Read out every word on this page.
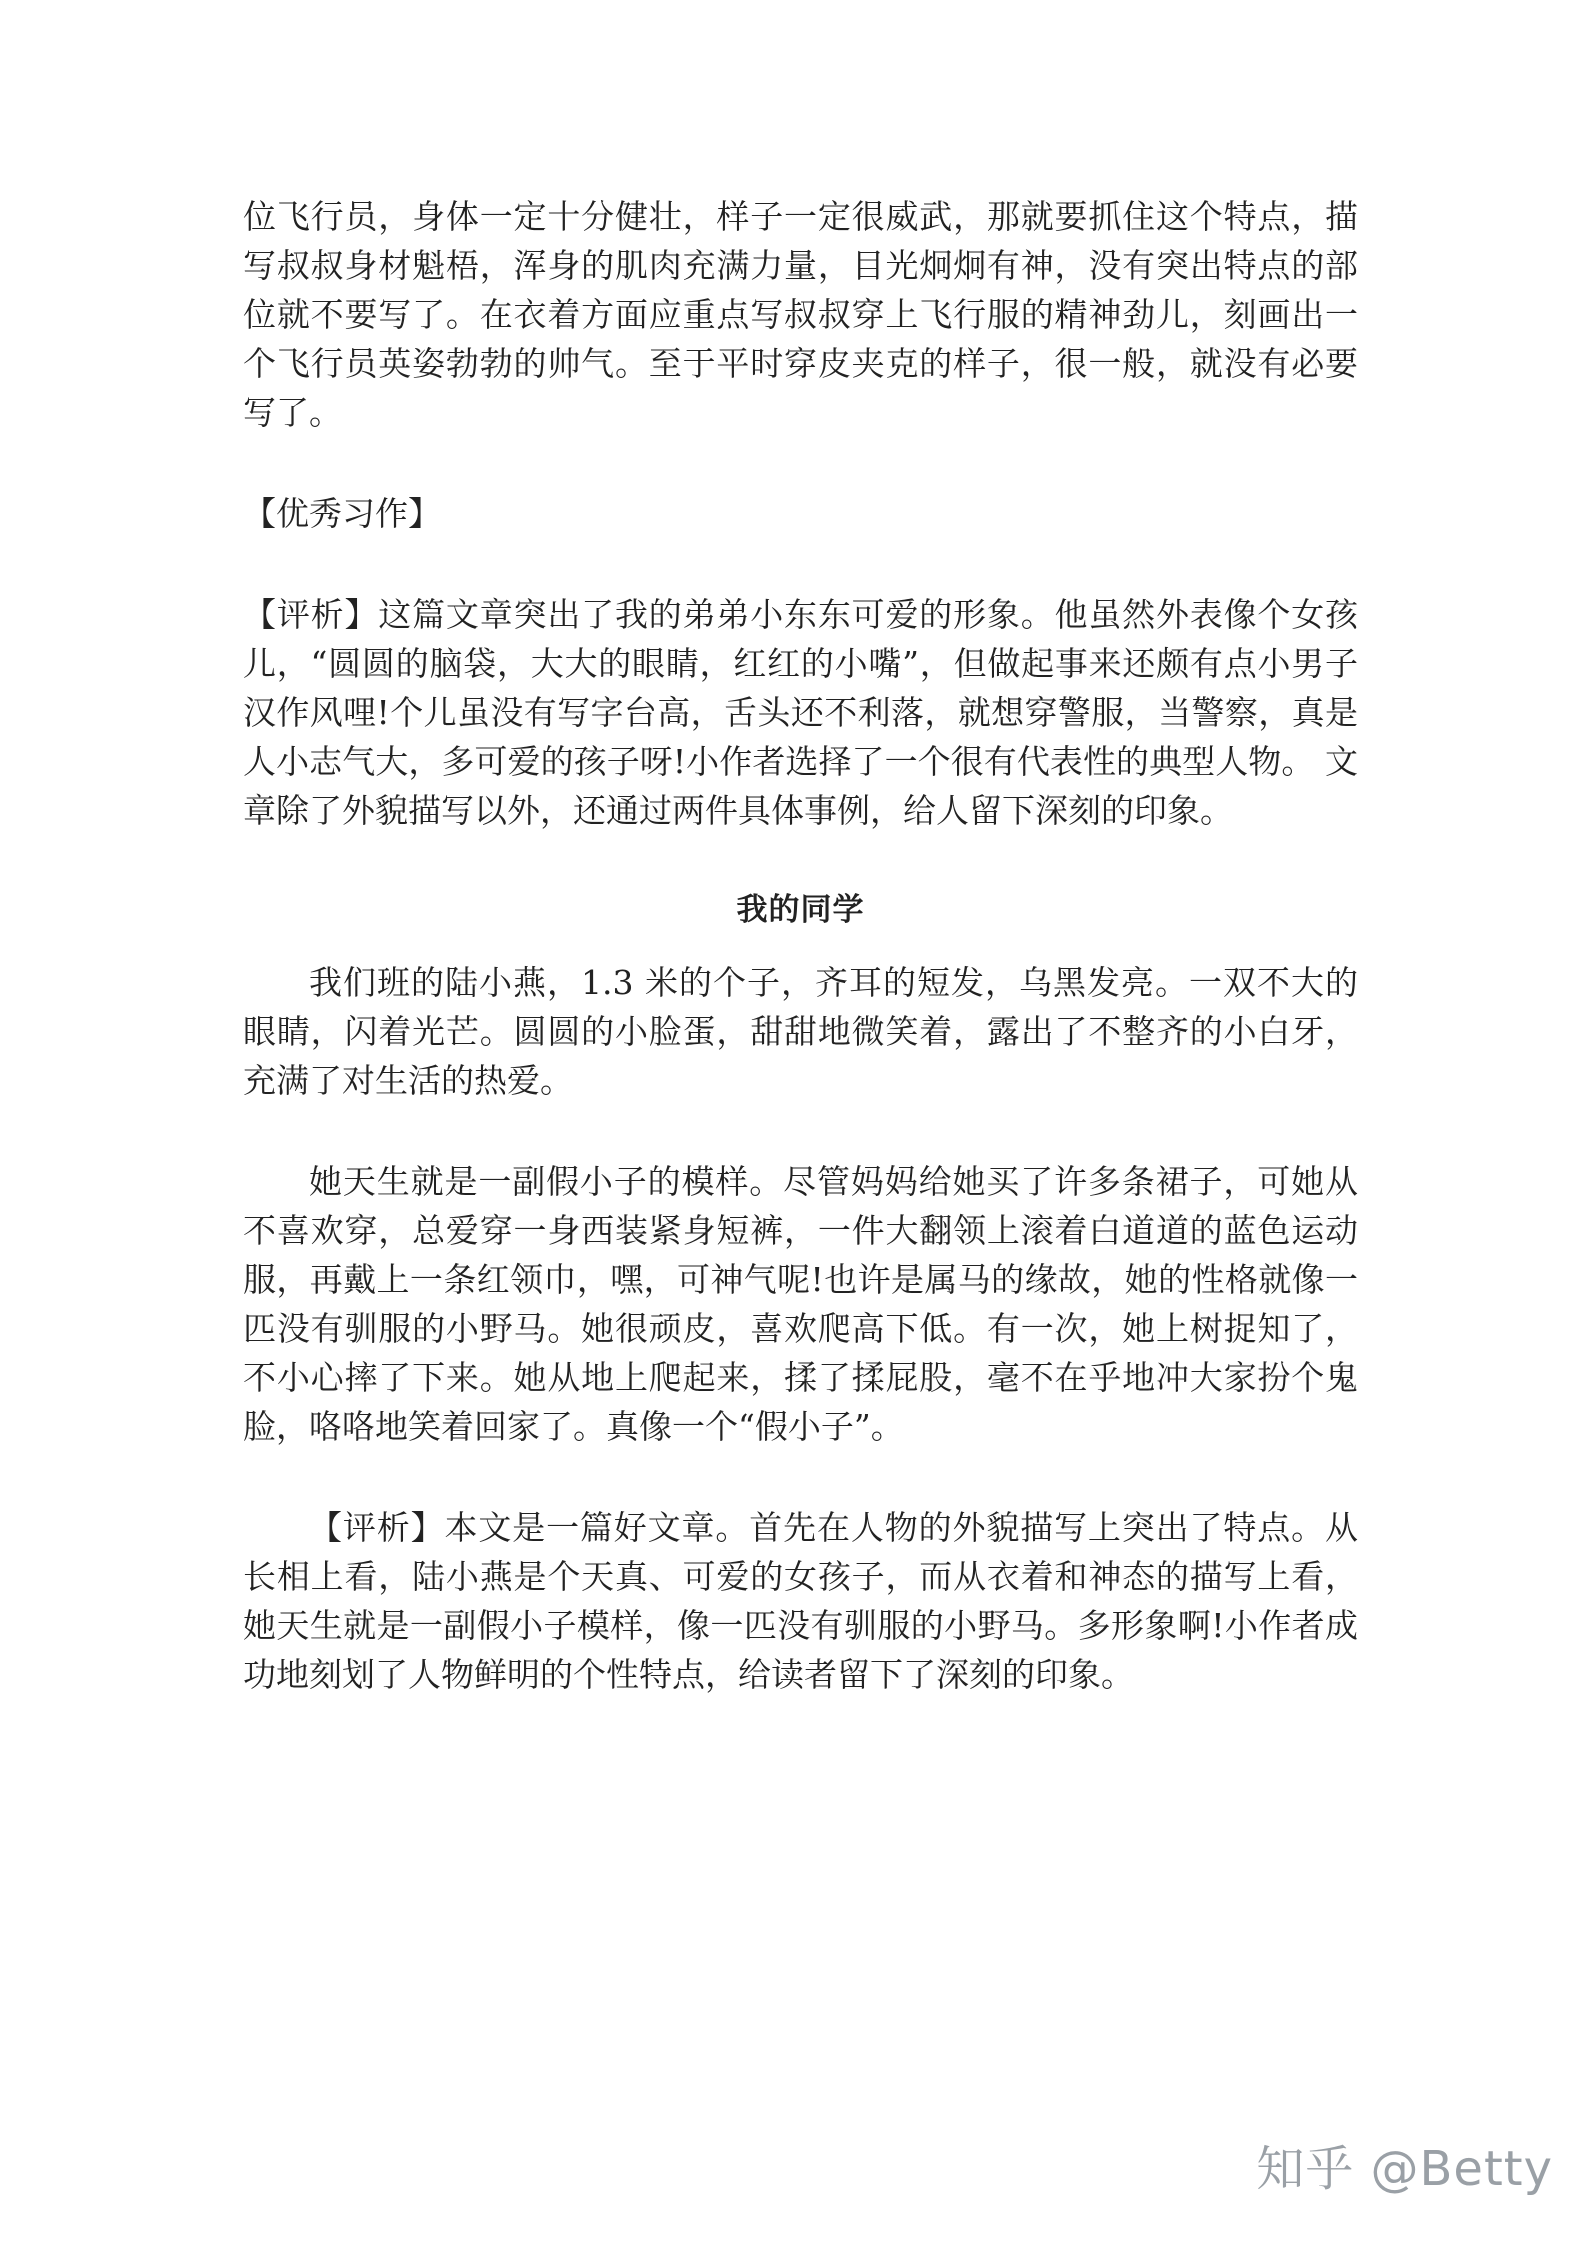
位飞行员，身体一定十分健壮，样子一定很威武，那就要抓住这个特点，描写叔叔身材魁梧，浑身的肌肉充满力量，目光炯炯有神，没有突出特点的部位就不要写了。在衣着方面应重点写叔叔穿上飞行服的精神劲儿，刻画出一个飞行员英姿勃勃的帅气。至于平时穿皮夹克的样子，很一般，就没有必要写了。

【优秀习作】

【评析】这篇文章突出了我的弟弟小东东可爱的形象。他虽然外表像个女孩儿，“圆圆的脑袋，大大的眼睛，红红的小嘴”，但做起事来还颇有点小男子汉作风哩!个儿虽没有写字台高，舌头还不利落，就想穿警服，当警察，真是人小志气大，多可爱的孩子呀!小作者选择了一个很有代表性的典型人物。 文章除了外貌描写以外，还通过两件具体事例，给人留下深刻的印象。

我的同学

我们班的陆小燕，1.3 米的个子，齐耳的短发，乌黑发亮。一双不大的眼睛，闪着光芒。圆圆的小脸蛋，甜甜地微笑着，露出了不整齐的小白牙，充满了对生活的热爱。

她天生就是一副假小子的模样。尽管妈妈给她买了许多条裙子，可她从不喜欢穿，总爱穿一身西装紧身短裤，一件大翻领上滚着白道道的蓝色运动服，再戴上一条红领巾，嘿，可神气呢!也许是属马的缘故，她的性格就像一匹没有驯服的小野马。她很顽皮，喜欢爬高下低。有一次，她上树捉知了，不小心摔了下来。她从地上爬起来，揉了揉屁股，毫不在乎地冲大家扮个鬼脸，咯咯地笑着回家了。真像一个“假小子”。

【评析】本文是一篇好文章。首先在人物的外貌描写上突出了特点。从长相上看，陆小燕是个天真、可爱的女孩子，而从衣着和神态的描写上看，她天生就是一副假小子模样，像一匹没有驯服的小野马。多形象啊!小作者成功地刻划了人物鲜明的个性特点，给读者留下了深刻的印象。

知乎 @Betty
